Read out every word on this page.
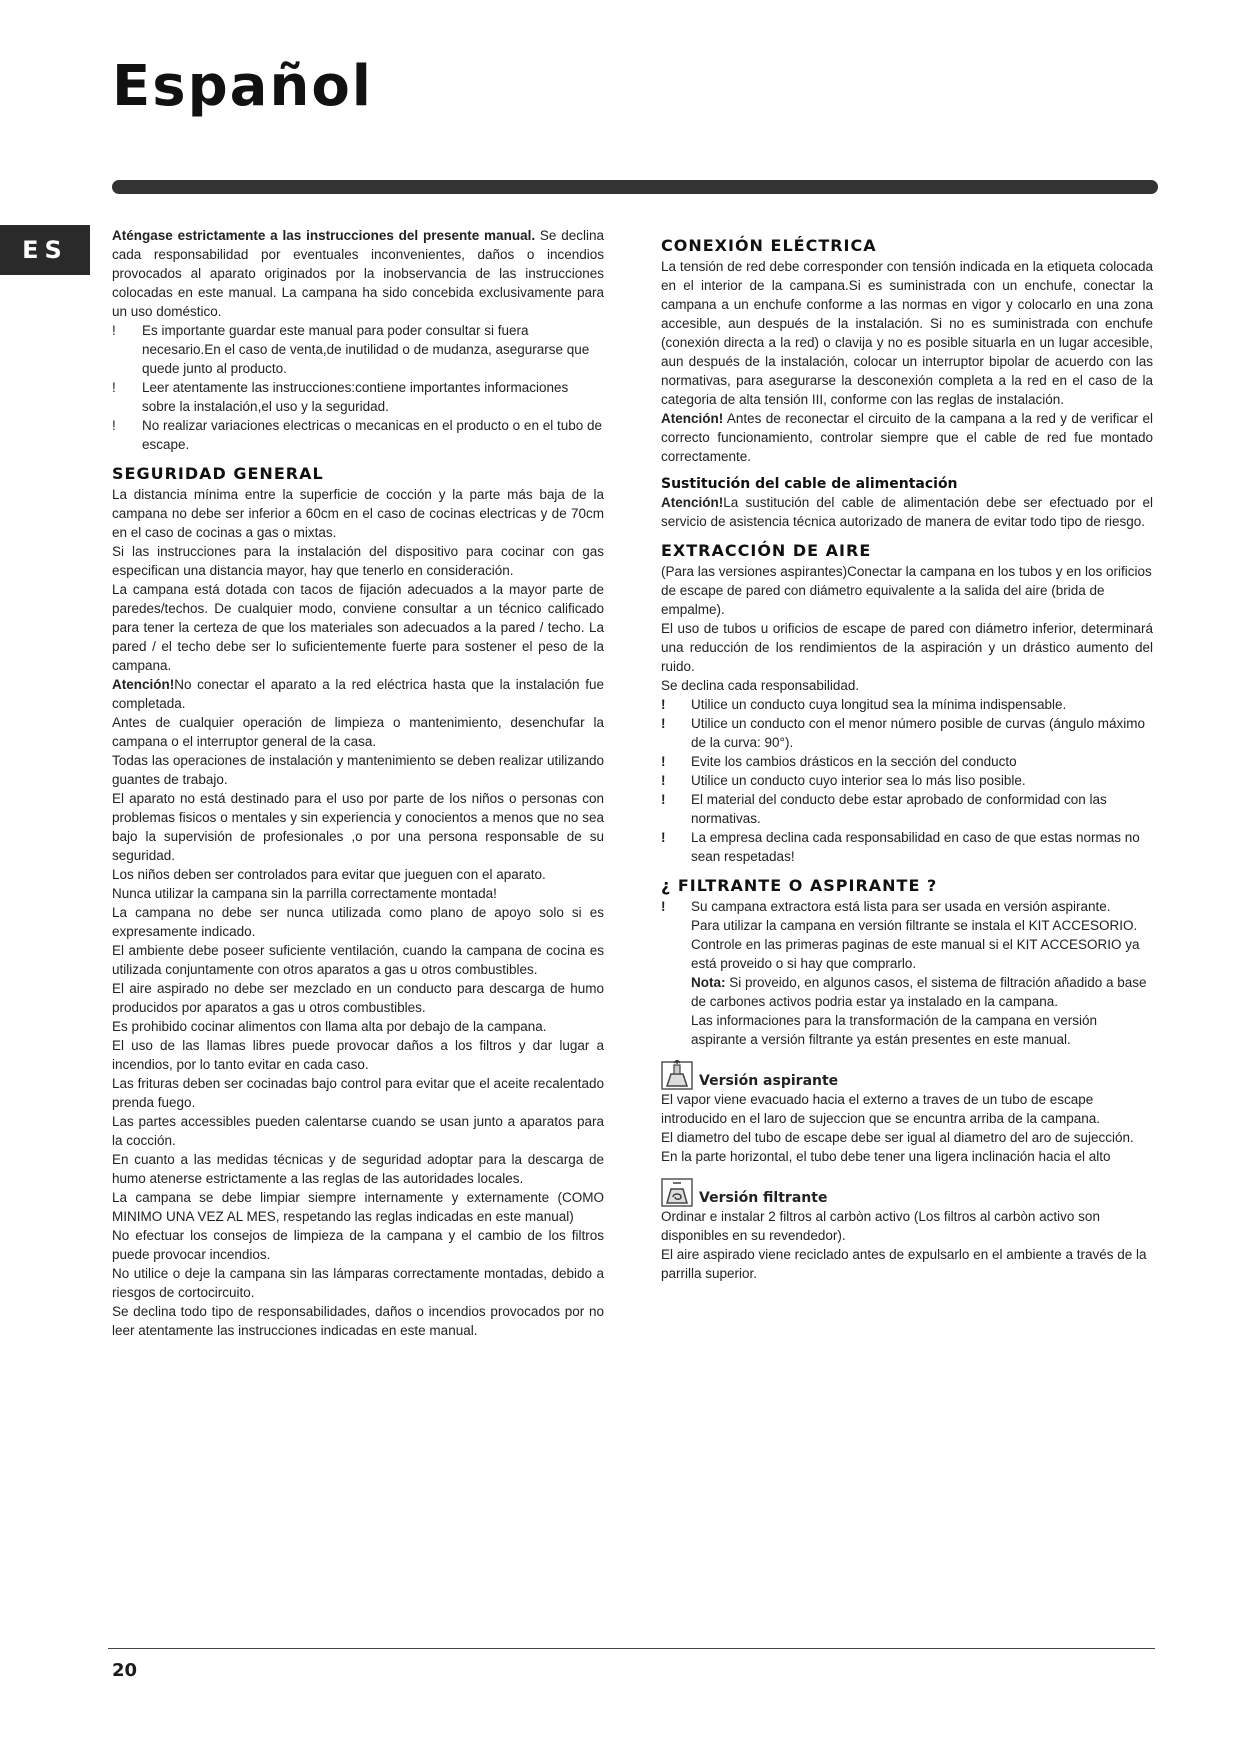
Español
ES

Aténgase estrictamente a las instrucciones del presente manual. Se declina cada responsabilidad por eventuales inconvenientes, daños o incendios provocados al aparato originados por la inobservancia de las instrucciones colocadas en este manual. La campana ha sido concebida exclusivamente para un uso doméstico.

!	Es importante guardar este manual para poder consultar si fuera necesario.En el caso de venta,de inutilidad o de mudanza, asegurarse que quede junto al producto.
!	Leer atentamente las instrucciones:contiene importantes informaciones sobre la instalación,el uso y la seguridad.
!	No realizar variaciones electricas o mecanicas en el producto o en el tubo de escape.
SEGURIDAD GENERAL

La distancia mínima entre la superficie de cocción y la parte más baja de la campana no debe ser inferior a 60cm en el caso de cocinas electricas y de 70cm en el caso de cocinas a gas o mixtas.

Si las instrucciones para la instalación del dispositivo para cocinar con gas especifican una distancia mayor, hay que tenerlo en consideración.

La campana está dotada con tacos de fijación adecuados a la mayor parte de paredes/techos. De cualquier modo, conviene consultar a un técnico calificado para tener la certeza de que los materiales son adecuados a la pared / techo. La pared / el techo debe ser lo suficientemente fuerte para sostener el peso de la campana.

Atención!No conectar el aparato a la red eléctrica hasta que la instalación fue completada.

Antes de cualquier operación de limpieza o mantenimiento, desenchufar la campana o el interruptor general de la casa.

Todas las operaciones de instalación y mantenimiento se deben realizar utilizando guantes de trabajo.

El aparato no está destinado para el uso por parte de los niños o personas con problemas fisicos o mentales y sin experiencia y conocientos a menos que no sea bajo la supervisión de profesionales ,o por una persona responsable de su seguridad.

Los niños deben ser controlados para evitar que jueguen con el aparato.

Nunca utilizar la campana sin la parrilla correctamente montada!

La campana no debe ser nunca utilizada como plano de apoyo solo si es expresamente indicado.

El ambiente debe poseer suficiente ventilación, cuando la campana de cocina es utilizada conjuntamente con otros aparatos a gas u otros combustibles.

El aire aspirado no debe ser mezclado en un conducto para descarga de humo producidos por aparatos a gas u otros combustibles.

Es prohibido cocinar alimentos con llama alta por debajo de la campana.

El uso de las llamas libres puede provocar daños a los filtros y dar lugar a incendios, por lo tanto evitar en cada caso.

Las frituras deben ser cocinadas bajo control para evitar que el aceite recalentado prenda fuego.

Las partes accessibles pueden calentarse cuando se usan junto a aparatos para la cocción.

En cuanto a las medidas técnicas y de seguridad adoptar para la descarga de humo atenerse estrictamente a las reglas de las autoridades locales.

La campana se debe limpiar siempre internamente y externamente (COMO MINIMO UNA VEZ AL MES, respetando las reglas indicadas en este manual)

No efectuar los consejos de limpieza de la campana y el cambio de los filtros puede provocar incendios.

No utilice o deje la campana sin las lámparas correctamente montadas, debido a riesgos de cortocircuito.

Se declina todo tipo de responsabilidades, daños o incendios provocados por no leer atentamente las instrucciones indicadas en este manual.

CONEXIÓN ELÉCTRICA

La tensión de red debe corresponder con tensión indicada en la etiqueta colocada en el interior de la campana.Si es suministrada con un enchufe, conectar la campana a un enchufe conforme a las normas en vigor y colocarlo en una zona accesible, aun después de la instalación. Si no es suministrada con enchufe (conexión directa a la red) o clavija y no es posible situarla en un lugar accesible, aun después de la instalación, colocar un interruptor bipolar de acuerdo con las normativas, para asegurarse la desconexión completa a la red en el caso de la categoria de alta tensión III, conforme con las reglas de instalación.

Atención! Antes de reconectar el circuito de la campana a la red y de verificar el correcto funcionamiento, controlar siempre que el cable de red fue montado correctamente.

Sustitución del cable de alimentación

Atención!La sustitución del cable de alimentación debe ser efectuado por el servicio de asistencia técnica autorizado de manera de evitar todo tipo de riesgo.

EXTRACCIÓN DE AIRE

(Para las versiones aspirantes)Conectar la campana en los tubos y en los orificios de escape de pared con diámetro equivalente a la salida del aire (brida de empalme).

El uso de tubos u orificios de escape de pared con diámetro inferior, determinará una reducción de los rendimientos de la aspiración y un drástico aumento del ruido.

Se declina cada responsabilidad.

!	Utilice un conducto cuya longitud sea la mínima indispensable.
!	Utilice un conducto con el menor número posible de curvas (ángulo máximo de la curva: 90°).
!	Evite los cambios drásticos en la sección del conducto
!	Utilice un conducto cuyo interior sea lo más liso posible.
!	El material del conducto debe estar aprobado de conformidad con las normativas.
!	La empresa declina cada responsabilidad en caso de que estas normas no sean respetadas!
¿ FILTRANTE O ASPIRANTE ?
!	Su campana extractora está lista para ser usada en versión aspirante.

Para utilizar la campana en versión filtrante se instala el KIT ACCESORIO.

Controle en las primeras paginas de este manual si el KIT ACCESORIO ya está proveido o si hay que comprarlo.

Nota: Si proveido, en algunos casos, el sistema de filtración añadido a base de carbones activos podria estar ya instalado en la campana.

Las informaciones para la transformación de la campana en versión aspirante a versión filtrante ya están presentes en este manual.

Versión aspirante

El vapor viene evacuado hacia el externo a traves de un tubo de escape introducido en el laro de sujeccion que se encuntra arriba de la campana.

El diametro del tubo de escape debe ser igual al diametro del aro de sujección.

En la parte horizontal, el tubo debe tener una ligera inclinación hacia el alto

Versión filtrante

Ordinar e instalar 2 filtros al carbòn activo (Los filtros al carbòn activo son disponibles en su revendedor).

El aire aspirado viene reciclado antes de expulsarlo en el ambiente a través de la parrilla superior.

20
